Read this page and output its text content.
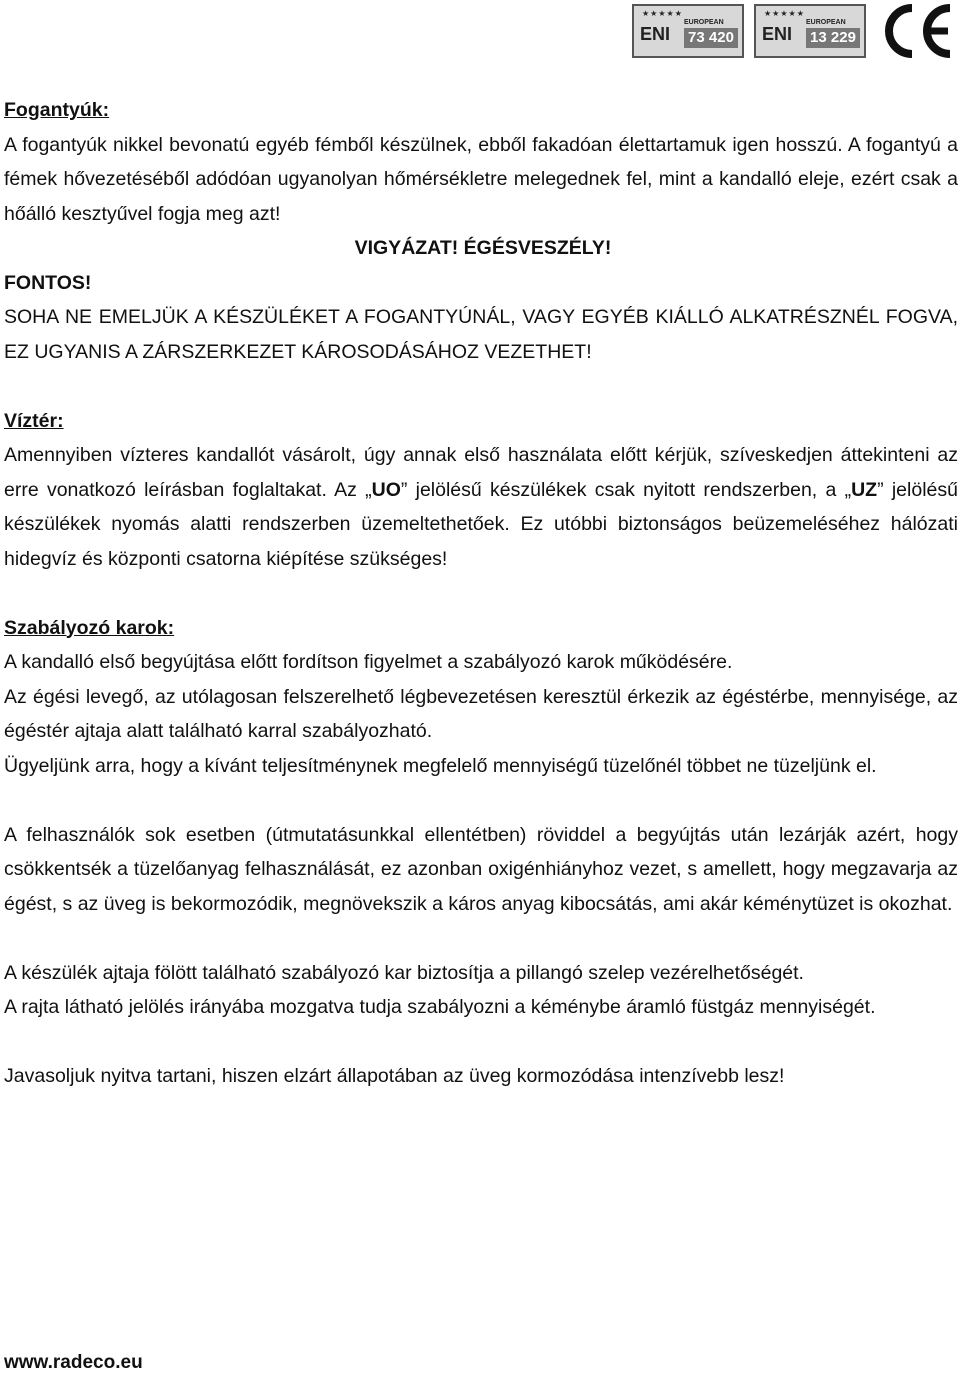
★★★★★
ENI
EUROPEAN
73 420
★★★★★
ENI
EUROPEAN
13 229

Fogantyúk:

A fogantyúk nikkel bevonatú egyéb fémből készülnek, ebből fakadóan élettartamuk igen hosszú. A fogantyú a fémek hővezetéséből adódóan ugyanolyan hőmérsékletre melegednek fel, mint a kandalló eleje, ezért csak a hőálló kesztyűvel fogja meg azt!

VIGYÁZAT! ÉGÉSVESZÉLY!

FONTOS!

SOHA NE EMELJÜK A KÉSZÜLÉKET A FOGANTYÚNÁL, VAGY EGYÉB KIÁLLÓ ALKATRÉSZNÉL FOGVA, EZ UGYANIS A ZÁRSZERKEZET KÁROSODÁSÁHOZ VEZETHET!

Víztér:

Amennyiben vízteres kandallót vásárolt, úgy annak első használata előtt kérjük, szíveskedjen áttekinteni az erre vonatkozó leírásban foglaltakat. Az „UO” jelölésű készülékek csak nyitott rendszerben, a „UZ” jelölésű készülékek nyomás alatti rendszerben üzemeltethetőek. Ez utóbbi biztonságos beüzemeléséhez hálózati hidegvíz és központi csatorna kiépítése szükséges!

Szabályozó karok:

A kandalló első begyújtása előtt fordítson figyelmet a szabályozó karok működésére.

Az égési levegő, az utólagosan felszerelhető légbevezetésen keresztül érkezik az égéstérbe, mennyisége, az égéstér ajtaja alatt található karral szabályozható.

Ügyeljünk arra, hogy a kívánt teljesítménynek megfelelő mennyiségű tüzelőnél többet ne tüzeljünk el.

A felhasználók sok esetben (útmutatásunkkal ellentétben) röviddel a begyújtás után lezárják azért, hogy csökkentsék a tüzelőanyag felhasználását, ez azonban oxigénhiányhoz vezet, s amellett, hogy megzavarja az égést, s az üveg is bekormozódik, megnövekszik a káros anyag kibocsátás, ami akár kéménytüzet is okozhat.

A készülék ajtaja fölött található szabályozó kar biztosítja a pillangó szelep vezérelhetőségét.

A rajta látható jelölés irányába mozgatva tudja szabályozni a kéménybe áramló füstgáz mennyiségét.

Javasoljuk nyitva tartani, hiszen elzárt állapotában az üveg kormozódása intenzívebb lesz!

www.radeco.eu
